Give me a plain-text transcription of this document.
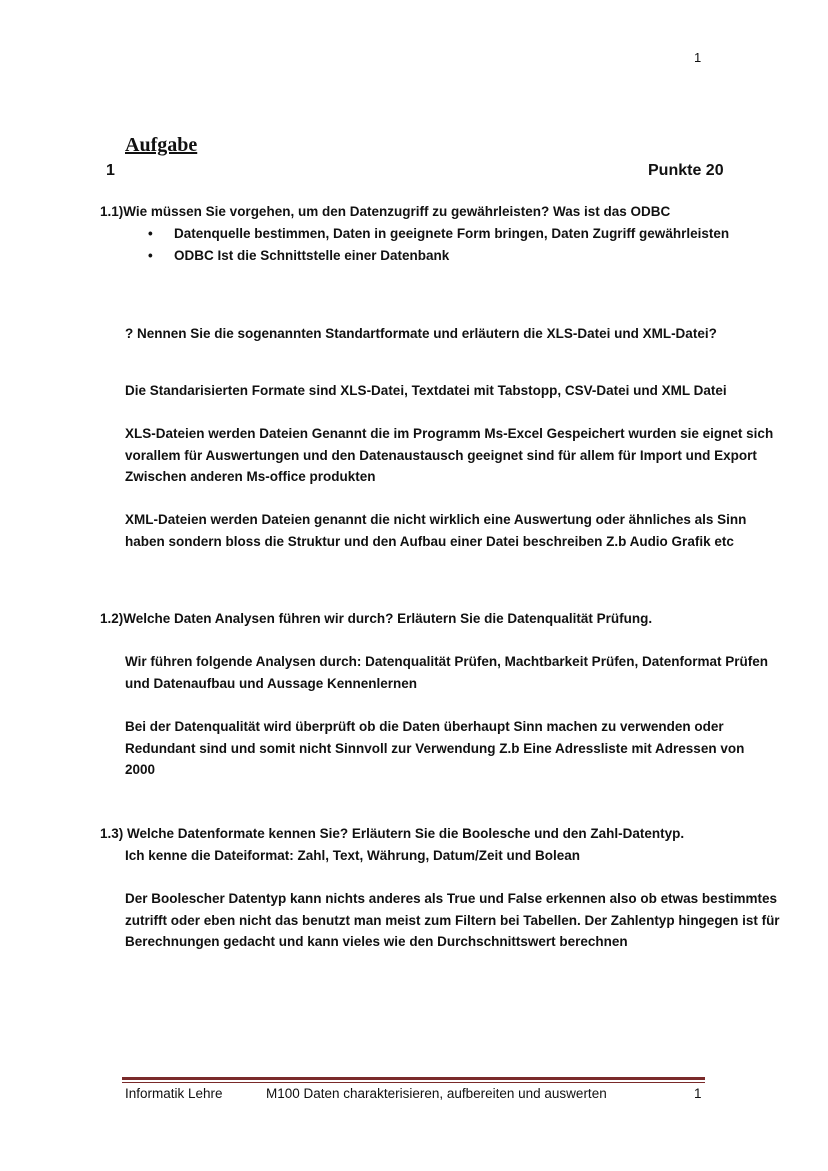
1
Aufgabe
1	Punkte 20
1.1)Wie müssen Sie vorgehen, um den Datenzugriff zu gewährleisten? Was ist das ODBC
• Datenquelle bestimmen, Daten in geeignete Form bringen, Daten Zugriff gewährleisten
• ODBC Ist die Schnittstelle einer Datenbank
? Nennen Sie die sogenannten Standartformate und erläutern die XLS-Datei und XML-Datei?
Die Standarisierten Formate sind XLS-Datei, Textdatei mit Tabstopp, CSV-Datei und XML Datei
XLS-Dateien werden Dateien Genannt die im Programm Ms-Excel Gespeichert wurden sie eignet sich vorallem für Auswertungen und den Datenaustausch geeignet sind für allem für Import und Export Zwischen anderen Ms-office produkten
XML-Dateien werden Dateien genannt die nicht wirklich eine Auswertung oder ähnliches als Sinn haben sondern bloss die Struktur und den Aufbau einer Datei beschreiben Z.b Audio Grafik etc
1.2)Welche Daten Analysen führen wir durch? Erläutern Sie die Datenqualität Prüfung.
Wir führen folgende Analysen durch: Datenqualität Prüfen, Machtbarkeit Prüfen, Datenformat Prüfen und Datenaufbau und Aussage Kennenlernen
Bei der Datenqualität wird überprüft ob die Daten überhaupt Sinn machen zu verwenden oder Redundant sind und somit nicht Sinnvoll zur Verwendung Z.b Eine Adressliste mit Adressen von 2000
1.3) Welche Datenformate kennen Sie? Erläutern Sie die Boolesche und den Zahl-Datentyp.
Ich kenne die Dateiformat: Zahl, Text, Währung, Datum/Zeit und Bolean
Der Boolescher Datentyp kann nichts anderes als True und False erkennen also ob etwas bestimmtes zutrifft oder eben nicht das benutzt man meist zum Filtern bei Tabellen. Der Zahlentyp hingegen ist für Berechnungen gedacht und kann vieles wie den Durchschnittswert berechnen
Informatik Lehre	M100 Daten charakterisieren, aufbereiten und auswerten	1
